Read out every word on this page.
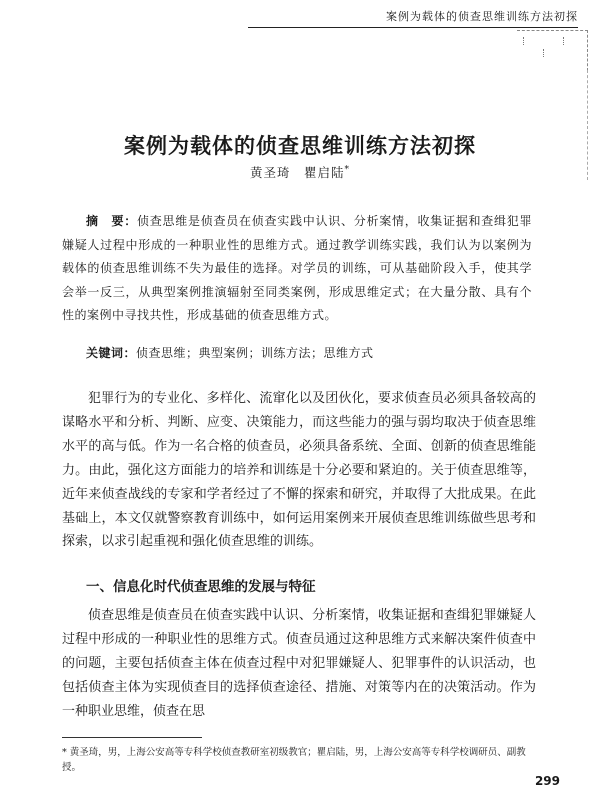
案例为载体的侦查思维训练方法初探
案例为载体的侦查思维训练方法初探
黄圣琦　瞿启陆*

摘　要：侦查思维是侦查员在侦查实践中认识、分析案情，收集证据和查缉犯罪嫌疑人过程中形成的一种职业性的思维方式。通过教学训练实践，我们认为以案例为载体的侦查思维训练不失为最佳的选择。对学员的训练，可从基础阶段入手，使其学会举一反三，从典型案例推演辐射至同类案例，形成思维定式；在大量分散、具有个性的案例中寻找共性，形成基础的侦查思维方式。

关键词：侦查思维；典型案例；训练方法；思维方式

犯罪行为的专业化、多样化、流窜化以及团伙化，要求侦查员必须具备较高的谋略水平和分析、判断、应变、决策能力，而这些能力的强与弱均取决于侦查思维水平的高与低。作为一名合格的侦查员，必须具备系统、全面、创新的侦查思维能力。由此，强化这方面能力的培养和训练是十分必要和紧迫的。关于侦查思维等，近年来侦查战线的专家和学者经过了不懈的探索和研究，并取得了大批成果。在此基础上，本文仅就警察教育训练中，如何运用案例来开展侦查思维训练做些思考和探索，以求引起重视和强化侦查思维的训练。

一、信息化时代侦查思维的发展与特征

侦查思维是侦查员在侦查实践中认识、分析案情，收集证据和查缉犯罪嫌疑人过程中形成的一种职业性的思维方式。侦查员通过这种思维方式来解决案件侦查中的问题，主要包括侦查主体在侦查过程中对犯罪嫌疑人、犯罪事件的认识活动，也包括侦查主体为实现侦查目的选择侦查途径、措施、对策等内在的决策活动。作为一种职业思维，侦查在思

* 黄圣琦，男，上海公安高等专科学校侦查教研室初级教官；瞿启陆，男，上海公安高等专科学校调研员、副教授。

299
